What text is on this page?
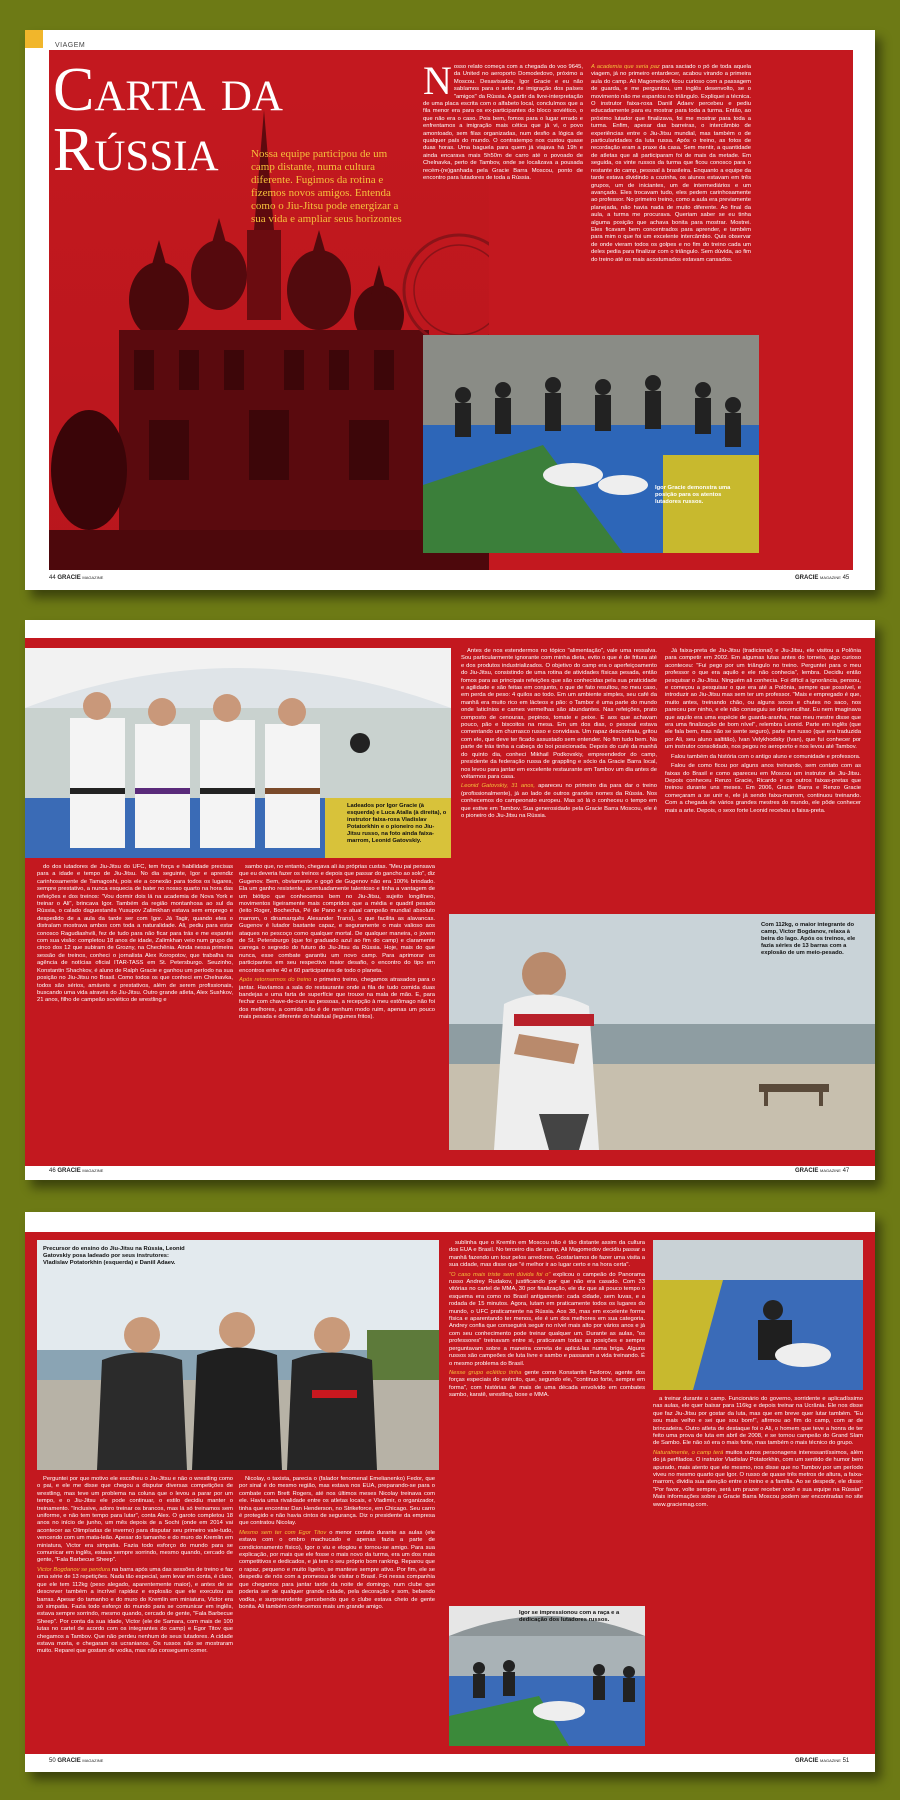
VIAGEM
Carta da
Rússia	Nossa equipe participou de um camp distante, numa cultura diferente. Fugimos da rotina e fizemos novos amigos. Entenda como o Jiu-Jitsu pode energizar a sua vida e ampliar seus horizontes

Nosso relato começa com a chegada do voo 9645, da United no aeroporto Domodedovo, próximo a Moscou. Desavisados, Igor Gracie e eu não sabíamos para o setor de imigração dos países "amigos" da Rússia. A partir da livre-interpretação de uma placa escrita com o alfabeto local, concluímos que a fila menor era para os ex-participantes do bloco soviético, o que não era o caso. Pois bem, fomos para o lugar errado e enfrentamos a imigração mais cética que já vi, o povo amontoado, sem filas organizadas, num desfio a lógica de qualquer país do mundo. O contratempo nos custou quase duas horas. Uma baguela para quem já viajava há 19h e ainda encarava mais 5h50m de carro até o povoado de Chelnavka, perto de Tambov, onde se localizava a pousada recém-(re)ganhada pela Gracie Barra Moscou, ponto de encontro para lutadores de toda a Rússia.

A academia que seria paz para saciado o pó de toda aquela viagem, já no primeiro entardecer, acabou virando a primeira aula do camp. Ali Magomedov ficou curioso com a passagem de guarda, e me perguntou, um inglês desenvolto, se o movimento não me espantou no triângulo. Expliquei a técnica. O instrutor faixa-roxa Daniil Adaev percebeu e pediu educadamente para eu mostrar para toda a turma. Então, ao próximo lutador que finalizava, foi me mostrar para toda a turma. Enfim, apesar das barreiras, o intercâmbio de experiências entre o Jiu-Jitsu mundial, mas também o de particularidades da luta russa. Após o treino, as fotos de recordação eram a praxe da casa. Sem mentir, a quantidade de atletas que ali participaram foi de mais da metade. Em seguida, os vinte russos da turma que ficou conosco para o restante do camp, pessoal à brasileira. Enquanto a equipe da tarde estava dividindo a cozinha, os alunos estavam em três grupos, um de iniciantes, um de intermediários e um avançado. Eles trocavam tudo, eles pedem carinhosamente ao professor. No primeiro treino, como a aula era previamente planejada, não havia nada de muito diferente. Ao final da aula, a turma me procurava. Queriam saber se eu tinha alguma posição que achava bonita para mostrar. Mostrei. Eles ficavam bem concentrados para aprender, e também para mim o que foi um excelente intercâmbio. Quis observar de onde vieram todos os golpes e no fim do treino cada um deles pedia para finalizar com o triângulo. Sem dúvida, ao fim do treino até os mais acostumados estavam cansados.

Igor Gracie demonstra uma posição para os atentos lutadores russos.
44 GRACIE MAGAZINE	GRACIE MAGAZINE 45
Ladeados por Igor Gracie (à esquerda) e Luca Atalla (à direita), o instrutor faixa-roxa Vladislav Potatorkhin e o pioneiro no Jiu-Jitsu russo, na foto ainda faixa-marrom, Leonid Gatovskiy.

do dos lutadores de Jiu-Jitsu do UFC, tem força e habilidade precisas para a idade e tempo de Jiu-Jitsu. No dia seguinte, Igor e aprendiz carinhosamente de Tamagoshi, pois ele a conexão para todos os lugares, sempre prestativo, a nunca esquecia de bater no nosso quarto na hora das refeições e dos treinos: "Vou dormir dois lá na academia de Nova York e treinar o Ali", brincava Igor. Também da região montanhosa ao sul da Rússia, o calado daguestanês Yusupov Zalimkhan estava sem emprego e despedido de a aula da tarde ser com Igor. Já Tagir, quando eles o distraíam mostrava ambos com toda a naturalidade. Ali, pediu para estar conosco Ragudiashvili, fez de tudo para não ficar para trás e me espantei com sua visão: completou 18 anos de idade, Zalimkhan veio num grupo de cinco dos 12 que subiram de Grozny, na Chechênia. Ainda nessa primeira sessão de treinos, conheci o jornalista Alex Koropotov, que trabalha na agência de notícias oficial ITAR-TASS em St. Petersburgo. Seuzinho, Konstantin Shachkov, é aluno de Ralph Gracie e ganhou um período na sua posição no Jiu-Jitsu no Brasil. Como todos os que conheci em Chelnavka, todos são sérios, amáveis e prestativos, além de serem profissionais, buscando uma vida através do Jiu-Jitsu. Outro grande atleta, Alex Sushkov, 21 anos, filho de campeão soviético de wrestling e

sambo que, no entanto, chegava ali às próprias custas. "Meu pai pensava que eu deveria fazer os treinos e depois que passar do gancho ao solo", diz Gugenov. Bem, obviamente o gogó de Gugenov não era 100% brindado. Ela um ganho resistente, acentuadamente talentoso e tinha a vantagem de um biótipo que conhecemos bem no Jiu-Jitsu, sujeito longilíneo, movimentos ligeiramente mais compridos que a média e quadril pesado (leito Roger, Bochecha, Pé de Pano e o atual campeão mundial absoluto marrom, o dinamarquês Alexander Trans), o que facilita as alavancas. Gugenov é lutador bastante capaz, e seguramente o mais valioso aos ataques no pescoço como qualquer mortal. De qualquer maneira, o jovem de St. Petersburgo (que foi graduado azul ao fim do camp) e claramente carrega o segredo do futuro do Jiu-Jitsu da Rússia. Hoje, mais do que nunca, esse combate garantiu um novo camp. Para aprimorar os participantes em seu respectivo maior desafio, o encontro do tipo em encontros entre 40 e 60 participantes de todo o planeta.

Após retornarmos do treino o primeiro treino, chegamos atrasados para o jantar. Havíamos a sala do restaurante onde a fila de tudo comida duas bandejas e uma farta de superfície que trouxe na mala de mão. E, para fechar com chave-de-ouro as pessoas, a recepção à meu estômago não foi dos melhores, a comida não é de nenhum modo ruim, apenas um pouco mais pesada e diferente do habitual (legumes fritos).

Antes de nos estendermos no tópico "alimentação", vale uma ressalva. Sou particularmente ignorante com minha dieta, evito o que é de fritura até e dos produtos industrializados. O objetivo do camp era o aperfeiçoamento do Jiu-Jitsu, consistindo de uma rotina de atividades físicas pesada, então fomos para as principais refeições que são conhecidas pela sua praticidade e agilidade e são feitas em conjunto, o que de fato resultou, no meu caso, em perda de peso: 4 quilos ao todo. Em um ambiente simples, seu café da manhã era muito rico em lácteos e pão: o Tambor é uma parte do mundo onde laticínios e carnes vermelhas são abundantes. Nas refeições, prato composto de cenouras, pepinos, tomate e peixe. E aos que achavam pouco, pão e biscoitos na mesa. Em um dos dias, o pessoal estava comentando um churrasco russo e convidava. Um rapaz descontraiu, gritou com ele, que deve ter ficado assustado sem entender. No fim tudo bem. Na parte de trás tinha a cabeça do boi posicionada. Depois do café da manhã do quinto dia, conheci Mikhail Podkovskiy, empreendedor do camp, presidente da federação russa de grappling e sócio da Gracie Barra local, nos levou para jantar em excelente restaurante em Tambov um dia antes de voltarmos para casa.

Leonid Gatovskiy, 31 anos, apareceu no primeiro dia para dar o treino (profissionalmente), já ao lado de outros grandes nomes da Rússia. Nos conhecemos do campeonato europeu. Mas só lá o conheceu o tempo em que estive em Tambov. Sua generosidade pela Gracie Barra Moscou, ele é o pioneiro do Jiu-Jitsu na Rússia.

Já faixa-preta de Jiu-Jitsu (tradicional) e Jiu-Jitsu, ele visitou a Polônia para competir em 2002. Em algumas lutas antes do torneio, algo curioso aconteceu: "Fui pego por um triângulo no treino. Perguntei para o meu professor o que era aquilo e ele não conhecia", lembra. Decidiu então pesquisar o Jiu-Jitsu. Ninguém ali conhecia. Foi difícil a ignorância, pensou, e começou a pesquisar o que era até a Polônia, sempre que possível, e introduzir ao Jiu-Jitsu mas sem ter um professor. "Mais e empregado é que, muito antes, treinando chão, ou alguns socos e chutes no saco, nos pareceu por ninho, e ele não conseguiu se desvencilhar. Eu nem imaginava que aquilo era uma espécie de guarda-aranha, mas meu mestre disse que era uma finalização de bom nível", relembra Leonid. Parte em inglês (que ele fala bem, mas não se sente seguro), parte em russo (que era traduzida por Ali, seu aluno saltitão), Ivan Velykhodsky (Ivan), que fui conhecer por um instrutor consolidado, nos pegou no aeroporto e nos levou até Tambov.

Falou também da história com o antigo aluno e comunidade e professora.

Falou de como ficou por alguns anos treinando, sem contato com as faixas do Brasil e como apareceu em Moscou um instrutor de Jiu-Jitsu. Depois conheceu Renzo Gracie, Ricardo e os outros faixas-pretas que treinou durante uns meses. Em 2006, Gracie Barra e Renzo Gracie começaram a se unir e, ele já sendo faixa-marrom, continuou treinando. Com a chegada de vários grandes mestres do mundo, ele pôde conhecer mais a arte. Depois, o sexo forte Leonid recebeu a faixa-preta.

Com 112kg, o maior integrante do camp, Victor Bogdanov, relaxa à beira do lago. Após os treinos, ele fazia séries de 13 barras com a explosão de um meio-pesado.
46 GRACIE MAGAZINE	GRACIE MAGAZINE 47
Precursor do ensino do Jiu-Jitsu na Rússia, Leonid Gatovskiy posa ladeado por seus instrutores: Vladislav Potatorkhin (esquerda) e Daniil Adaev.

Perguntei por que motivo ele escolheu o Jiu-Jitsu e não o wrestling como o pai, e ele me disse que chegou a disputar diversas competições de wrestling, mas teve um problema na coluna que o levou a parar por um tempo, e o Jiu-Jitsu ele pode continuar, o estilo decidiu manter o treinamento. "Inclusive, adoro treinar os brancos, mas lá só treinamos sem uniforme, e não tem tempo para lutar", conta Alex. O garoto completou 18 anos no início de junho, um mês depois de a Sochi (onde em 2014 vai acontecer as Olimpíadas de inverno) para disputar seu primeiro vale-tudo, vencendo com um mata-leão. Apesar do tamanho e do muro do Kremlin em miniatura, Victor era simpatia. Fazia todo esforço do mundo para se comunicar em inglês, estava sempre sorrindo, mesmo quando, cercado de gente, "Fala Barbecue Sheep".

Victor Bogdanov se pendura na barra após uma das sessões de treino e faz uma série de 13 repetições. Nada tão especial, sem levar em conta, é claro, que ele tem 112kg (peso alegado, aparentemente maior), e antes de se descrever também a incrível rapidez e explosão que ele executou as barras. Apesar do tamanho e do muro do Kremlin em miniatura, Victor era só simpatia. Fazia todo esforço do mundo para se comunicar em inglês, estava sempre sorrindo, mesmo quando, cercado de gente, "Fala Barbecue Sheep". Por conta da sua idade, Victor (ele de Samara, com mais de 100 lutas no cartel de acordo com os integrantes do camp) e Egor Titov que chegamos a Tambov. Que não perdeu nenhum de seus lutadores. A cidade estava morta, e chegaram os ucranianos. Os russos não se mostraram muito. Reparei que gostam de vodka, mas não conseguem comer.

Nicolay, o taxista, parecia o (falador fenomenal Emelianenko) Fedor, que por sinal é do mesmo região, mas estava nos EUA, preparando-se para o combate com Brett Rogers, até nos últimos meses Nicolay treinava com ele. Havia uma rivalidade entre os atletas locais, e Vladimir, o organizador, tinha que encontrar Dan Henderson, no Strikeforce, em Chicago. Seu carro é protegido e não havia cintos de segurança. Diz o presidente da empresa que contratou Nicolay.

Mesmo sem ter com Egor Titov o menor contato durante as aulas (ele estava com o ombro machucado e apenas fazia a parte de condicionamento físico), Igor o viu e elogiou e tornou-se amigo. Para sua explicação, por mais que ele fosse o mais novo da turma, era um dos mais competitivos e dedicados, e já tem o seu próprio bom ranking. Reparou que o rapaz, pequeno e muito ligeiro, se manteve sempre ativo. Por fim, ele se despediu de nós com a promessa de visitar o Brasil. Foi nessa companhia que chegamos para jantar tarde da noite de domingo, num clube que poderia ser de qualquer grande cidade, pela decoração e som, bebendo vodka, e surpreendente percebendo que o clube estava cheio de gente bonita. Ali também conhecemos mais um grande amigo.

sublinha que o Kremlin em Moscou não é tão distante assim da cultura dos EUA e Brasil. No terceiro dia de camp, Ali Magomedov decidiu passar a manhã fazendo um tour pelos arredores. Gostaríamos de fazer uma visita a sua cidade, mas disse que "é melhor ir ao lugar certo e na hora certa".

"O caso mais triste sem dúvida foi o" explicou o campeão do Panorama russo Andrey Rudakov, justificando por que não era casado. Com 33 vitórias no cartel de MMA, 30 por finalização, ele diz que ali pouco tempo o esquema era como no Brasil antigamente: cada cidade, sem luvas, e a rodada de 15 minutos. Agora, lutam em praticamente todos os lugares do mundo, o UFC praticamente na Rússia. Aos 38, mas em excelente forma física e aparentando ter menos, ele é um dos melhores em sua categoria. Andrey confia que conseguirá seguir no nível mais alto por vários anos e já com seu conhecimento pode treinar qualquer um. Durante as aulas, "os professores" treinavam entre si, praticavam todas as posições e sempre perguntavam sobre a maneira correta de aplicá-las numa briga. Alguns russos são campeões de luta livre e sambo e passaram a vida treinando. É o mesmo problema do Brasil.

Nesse grupo eclético tinha gente como Konstantin Fedorov, agente dos forças especiais do exército, que, segundo ele, "continuo forte, sempre em forma", com histórias de mais de uma década envolvido em combates sambo, karatê, wrestling, boxe e MMA.

a treinar durante o camp. Funcionário do governo, sorridente e aplicadíssimo nas aulas, ele quer baixar para 116kg e depois treinar na Ucrânia. Ele nos disse que faz Jiu-Jitsu por gostar da luta, mas que em breve quer lutar também. "Eu sou mais velho e sei que sou bom!", afirmou ao fim do camp, com ar de brincadeira. Outro atleta de destaque foi o Ali, o homem que teve a honra de ter feito uma prova de luta em abril de 2008, e se tornou campeão do Grand Slam de Sambo. Ele não só era o mais forte, mas também o mais técnico do grupo.

Naturalmente, o camp terá muitos outros personagens interessantíssimos, além do já perfilados. O instrutor Vladislav Potatorkhin, com um sentido de humor bem apurado, mais atento que ele mesmo, nos disse que no Tambov por um período viveu no mesmo quarto que Igor. O russo de quase três metros de altura, a faixa-marrom, dividia sua atenção entre o treino e a família. Ao se despedir, ele disse: "Por favor, volte sempre, será um prazer receber você e sua equipe na Rússia!" Mais informações sobre a Gracie Barra Moscou podem ser encontradas no site www.graciemag.com.

Igor se impressionou com a raça e a dedicação dos lutadores russos.
50 GRACIE MAGAZINE	GRACIE MAGAZINE 51
